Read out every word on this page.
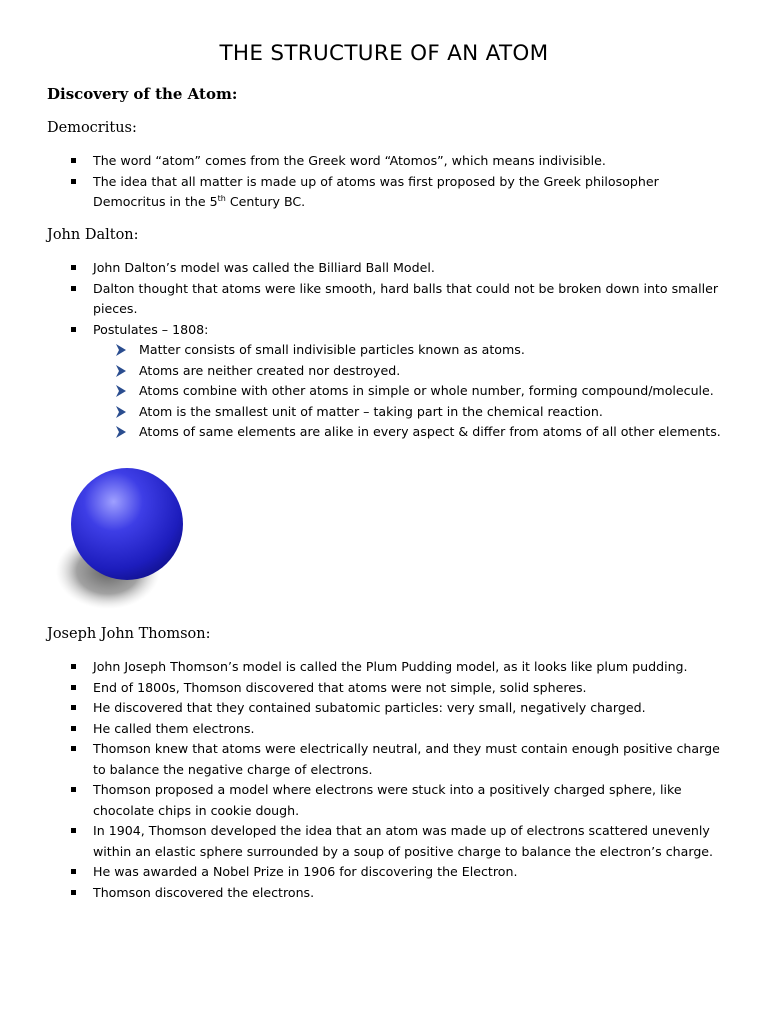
THE STRUCTURE OF AN ATOM
Discovery of the Atom:
Democritus:
The word “atom” comes from the Greek word “Atomos”, which means indivisible.
The idea that all matter is made up of atoms was first proposed by the Greek philosopher Democritus in the 5th Century BC.
John Dalton:
John Dalton’s model was called the Billiard Ball Model.
Dalton thought that atoms were like smooth, hard balls that could not be broken down into smaller pieces.
Postulates – 1808:
Matter consists of small indivisible particles known as atoms.
Atoms are neither created nor destroyed.
Atoms combine with other atoms in simple or whole number, forming compound/molecule.
Atom is the smallest unit of matter – taking part in the chemical reaction.
Atoms of same elements are alike in every aspect & differ from atoms of all other elements.
Joseph John Thomson:
John Joseph Thomson’s model is called the Plum Pudding model, as it looks like plum pudding.
End of 1800s, Thomson discovered that atoms were not simple, solid spheres.
He discovered that they contained subatomic particles: very small, negatively charged.
He called them electrons.
Thomson knew that atoms were electrically neutral, and they must contain enough positive charge to balance the negative charge of electrons.
Thomson proposed a model where electrons were stuck into a positively charged sphere, like chocolate chips in cookie dough.
In 1904, Thomson developed the idea that an atom was made up of electrons scattered unevenly within an elastic sphere surrounded by a soup of positive charge to balance the electron’s charge.
He was awarded a Nobel Prize in 1906 for discovering the Electron.
Thomson discovered the electrons.
